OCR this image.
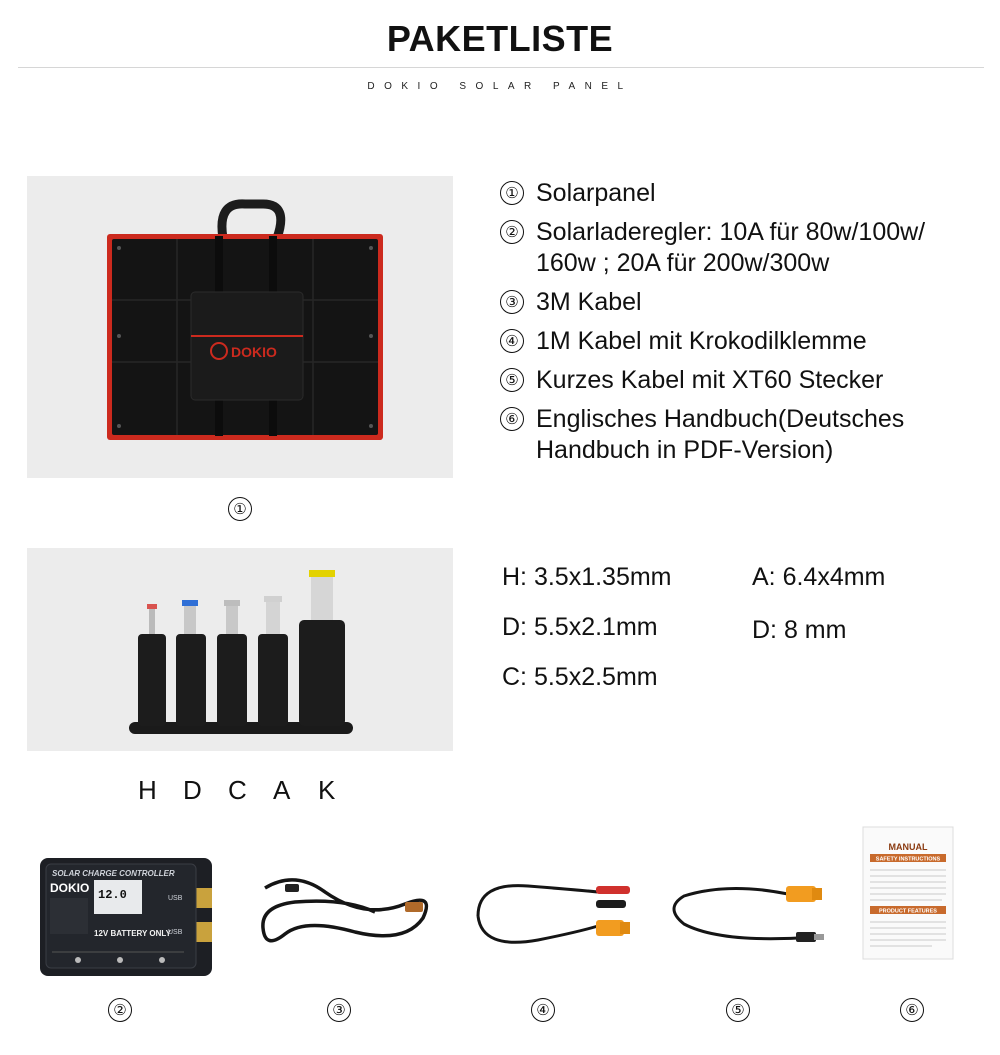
PAKETLISTE
DOKIO SOLAR PANEL
DOKIO
①
① Solarpanel
② Solarladeregler: 10A für 80w/100w/ 160w ; 20A für 200w/300w
③ 3M Kabel
④ 1M Kabel mit Krokodilklemme
⑤ Kurzes Kabel mit XT60 Stecker
⑥ Englisches Handbuch(Deutsches Handbuch in PDF-Version)
H D C A K
H: 3.5x1.35mm	A: 6.4x4mm
D: 5.5x2.1mm	D: 8 mm
C: 5.5x2.5mm
SOLAR CHARGE CONTROLLER
DOKIO 12.0
12V BATTERY ONLY
USB
USB
MANUAL
SAFETY INSTRUCTIONS
PRODUCT FEATURES
②	③	④	⑤	⑥
